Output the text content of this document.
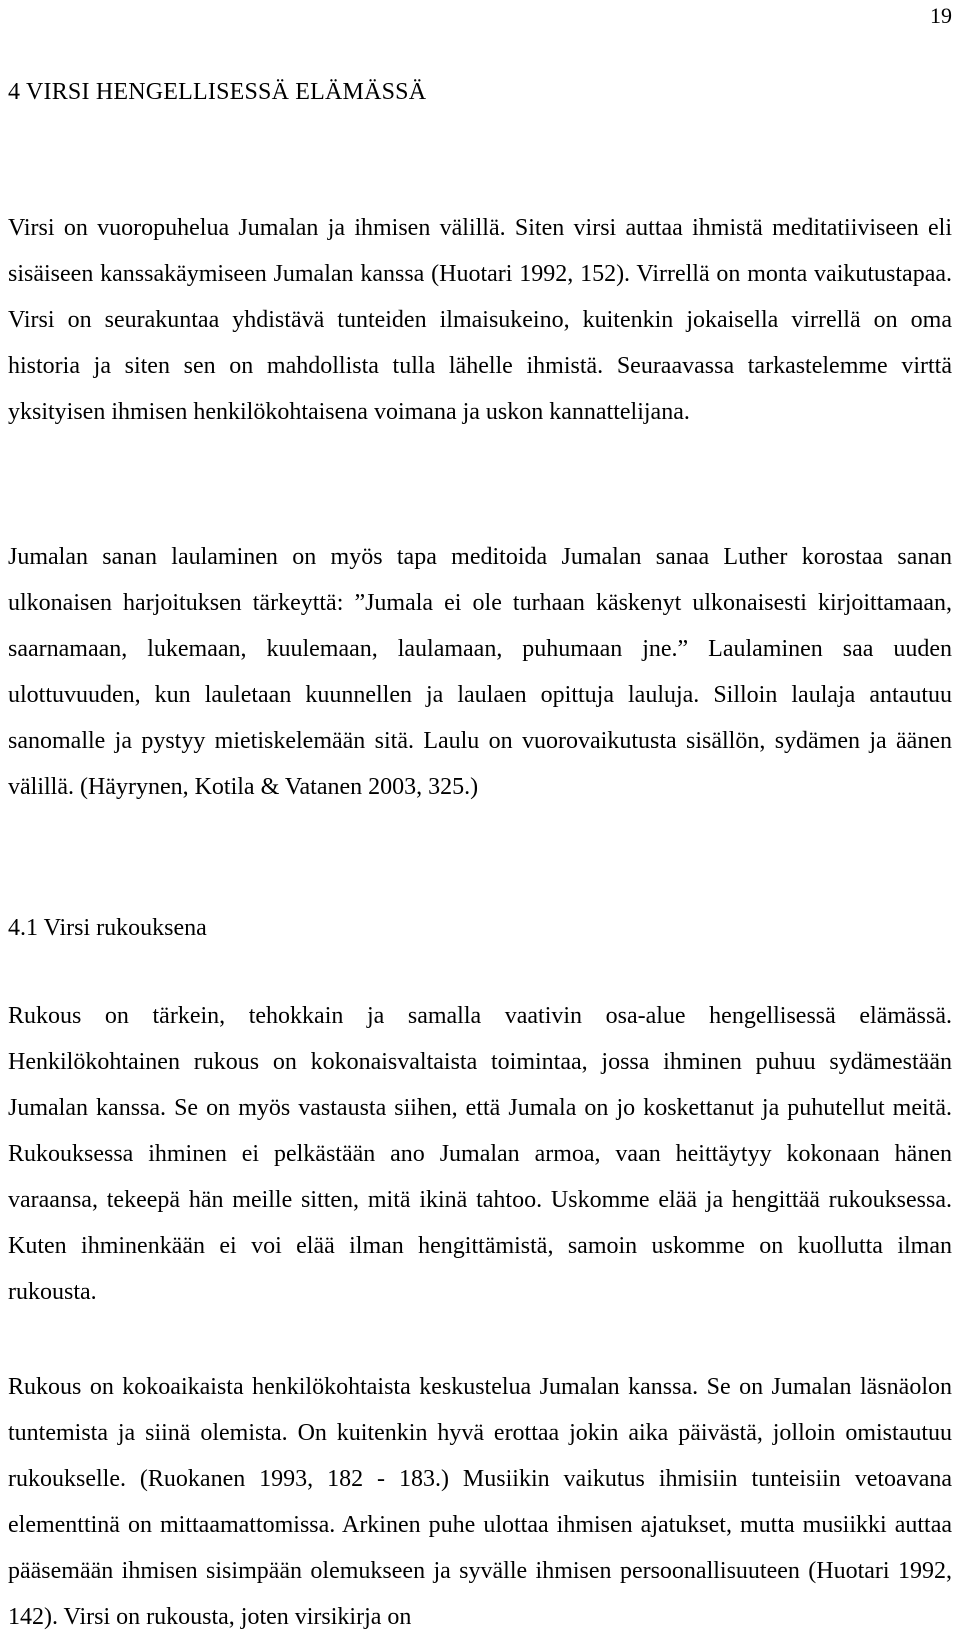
19
4 VIRSI HENGELLISESSÄ ELÄMÄSSÄ

Virsi on vuoropuhelua Jumalan ja ihmisen välillä. Siten virsi auttaa ihmistä meditatiiviseen eli sisäiseen kanssakäymiseen Jumalan kanssa (Huotari 1992, 152). Virrellä on monta vaikutustapaa. Virsi on seurakuntaa yhdistävä tunteiden ilmaisukeino, kuitenkin jokaisella virrellä on oma historia ja siten sen on mahdollista tulla lähelle ihmistä. Seuraavassa tarkastelemme virttä yksityisen ihmisen henkilökohtaisena voimana ja uskon kannattelijana.

Jumalan sanan laulaminen on myös tapa meditoida Jumalan sanaa Luther korostaa sanan ulkonaisen harjoituksen tärkeyttä: ”Jumala ei ole turhaan käskenyt ulkonaisesti kirjoittamaan, saarnamaan, lukemaan, kuulemaan, laulamaan, puhumaan jne.” Laulaminen saa uuden ulottuvuuden, kun lauletaan kuunnellen ja laulaen opittuja lauluja. Silloin laulaja antautuu sanomalle ja pystyy mietiskelemään sitä. Laulu on vuorovaikutusta sisällön, sydämen ja äänen välillä. (Häyrynen, Kotila & Vatanen 2003, 325.)

4.1 Virsi rukouksena

Rukous on tärkein, tehokkain ja samalla vaativin osa-alue hengellisessä elämässä. Henkilökohtainen rukous on kokonaisvaltaista toimintaa, jossa ihminen puhuu sydämestään Jumalan kanssa. Se on myös vastausta siihen, että Jumala on jo koskettanut ja puhutellut meitä. Rukouksessa ihminen ei pelkästään ano Jumalan armoa, vaan heittäytyy kokonaan hänen varaansa, tekeepä hän meille sitten, mitä ikinä tahtoo. Uskomme elää ja hengittää rukouksessa. Kuten ihminenkään ei voi elää ilman hengittämistä, samoin uskomme on kuollutta ilman rukousta.

Rukous on kokoaikaista henkilökohtaista keskustelua Jumalan kanssa. Se on Jumalan läsnäolon tuntemista ja siinä olemista. On kuitenkin hyvä erottaa jokin aika päivästä, jolloin omistautuu rukoukselle. (Ruokanen 1993, 182 - 183.) Musiikin vaikutus ihmisiin tunteisiin vetoavana elementtinä on mittaamattomissa. Arkinen puhe ulottaa ihmisen ajatukset, mutta musiikki auttaa pääsemään ihmisen sisimpään olemukseen ja syvälle ihmisen persoonallisuuteen (Huotari 1992, 142). Virsi on rukousta, joten virsikirja on
